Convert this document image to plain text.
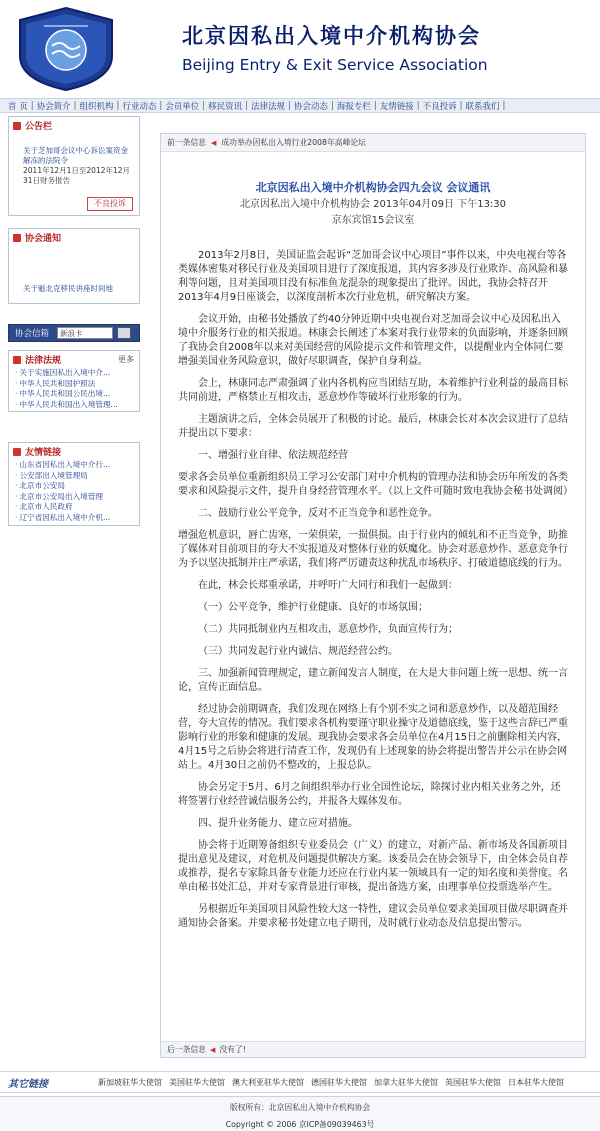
北京因私出入境中介机构协会
Beijing Entry & Exit Service Association
首 页 | 协会简介 | 组织机构 | 行业动态 | 会员单位 | 移民资讯 | 法律法规 | 协会动态 | 海报专栏 | 友情链接 | 不良投诉 | 联系我们 |
公告栏
关于芝加哥会议中心诉讼案资金解冻的法院令
2011年12月1日至2012年12月31日财务报告
不良投诉
协会通知
关于魁北克移民讲座时间地
协会信箱	新浪卡
法律法规	更多
· 关于实施因私出入境中介...
· 中华人民共和国护照法
· 中华人民共和国公民出境...
· 中华人民共和国出入境管理...
友情链接
· 山东省因私出入境中介行...
· 公安部出入境管理局
· 北京市公安局
· 北京市公安局出入境管理
· 北京市人民政府
· 辽宁省因私出入境中介机...
前一条信息 ◀ 成功举办因私出入境行业2008年高峰论坛
北京因私出入境中介机构协会四九会议 会议通讯
北京因私出入境中介机构协会 2013年04月09日 下午13:30
京东宾馆15会议室

2013年2月8日，美国证监会起诉“芝加哥会议中心项目”事件以来，中央电视台等各类媒体密集对移民行业及美国项目进行了深度报道，其内容多涉及行业欺诈、高风险和暴利等问题，且对美国项目没有标准鱼龙混杂的现象提出了批评。因此，我协会特召开2013年4月9日座谈会，以深度剖析本次行业危机，研究解决方案。

会议开始，由秘书处播放了约40分钟近期中央电视台对芝加哥会议中心及因私出入境中介服务行业的相关报道。林康会长阐述了本案对我行业带来的负面影响，并逐条回顾了我协会自2008年以来对美国经营的风险提示文件和管理文件，以提醒业内全体同仁要增强美国业务风险意识，做好尽职调查，保护自身利益。

会上，林康同志严肃强调了业内各机构应当团结互助，本着维护行业利益的最高目标共同前进，严格禁止互相攻击，恶意炒作等破坏行业形象的行为。

主题演讲之后，全体会员展开了积极的讨论。最后，林康会长对本次会议进行了总结并提出以下要求：

一、增强行业自律、依法规范经营

要求各会员单位重新组织员工学习公安部门对中介机构的管理办法和协会历年所发的各类要求和风险提示文件，提升自身经营管理水平。（以上文件可随时致电我协会秘书处调阅）

二、鼓励行业公平竞争，反对不正当竞争和恶性竞争。

增强危机意识，唇亡齿寒，一荣俱荣，一损俱损。由于行业内的倾轧和不正当竞争，助推了媒体对目前项目的夸大不实报道及对整体行业的妖魔化。协会对恶意炒作、恶意竞争行为予以坚决抵制并庄严承诺，我们将严厉谴责这种扰乱市场秩序、打破道德底线的行为。

在此，林会长郑重承诺，并呼吁广大同行和我们一起做到：

（一）公平竞争，维护行业健康、良好的市场氛围；

（二）共同抵制业内互相攻击，恶意炒作，负面宣传行为；

（三）共同发起行业内诚信、规范经营公约。

三、加强新闻管理规定，建立新闻发言人制度，在大是大非问题上统一思想、统一言论，宣传正面信息。

经过协会前期调查，我们发现在网络上有个别不实之词和恶意炒作，以及超范围经营，夸大宣传的情况。我们要求各机构要谨守职业操守及道德底线，鉴于这些言辞已严重影响行业的形象和健康的发展。现我协会要求各会员单位在4月15日之前删除相关内容，4月15号之后协会将进行清查工作，发现仍有上述现象的协会将提出警告并公示在协会网站上。4月30日之前仍不整改的，上报总队。

协会另定于5月、6月之间组织举办行业全国性论坛，除探讨业内相关业务之外，还将签署行业经营诚信服务公约，并报各大媒体发布。

四、提升业务能力、建立应对措施。

协会将于近期筹备组织专业委员会（广义）的建立，对新产品、新市场及各国新项目提出意见及建议，对危机及问题提供解决方案。该委员会在协会领导下，由全体会员自荐或推荐，提名专家除具备专业能力还应在行业内某一领域具有一定的知名度和美誉度。名单由秘书处汇总，并对专家背景进行审核，提出备选方案，由理事单位投票选举产生。

另根据近年美国项目风险性较大这一特性，建议会员单位要求美国项目做尽职调查并通知协会备案。并要求秘书处建立电子期刊，及时就行业动态及信息提出警示。

后一条信息 ◀ 没有了!
其它链接	新加坡驻华大使馆 美国驻华大使馆 澳大利亚驻华大使馆 德国驻华大使馆 加拿大驻华大使馆 英国驻华大使馆 日本驻华大使馆
版权所有：北京因私出入境中介机构协会
Copyright © 2006 京ICP备09039463号
